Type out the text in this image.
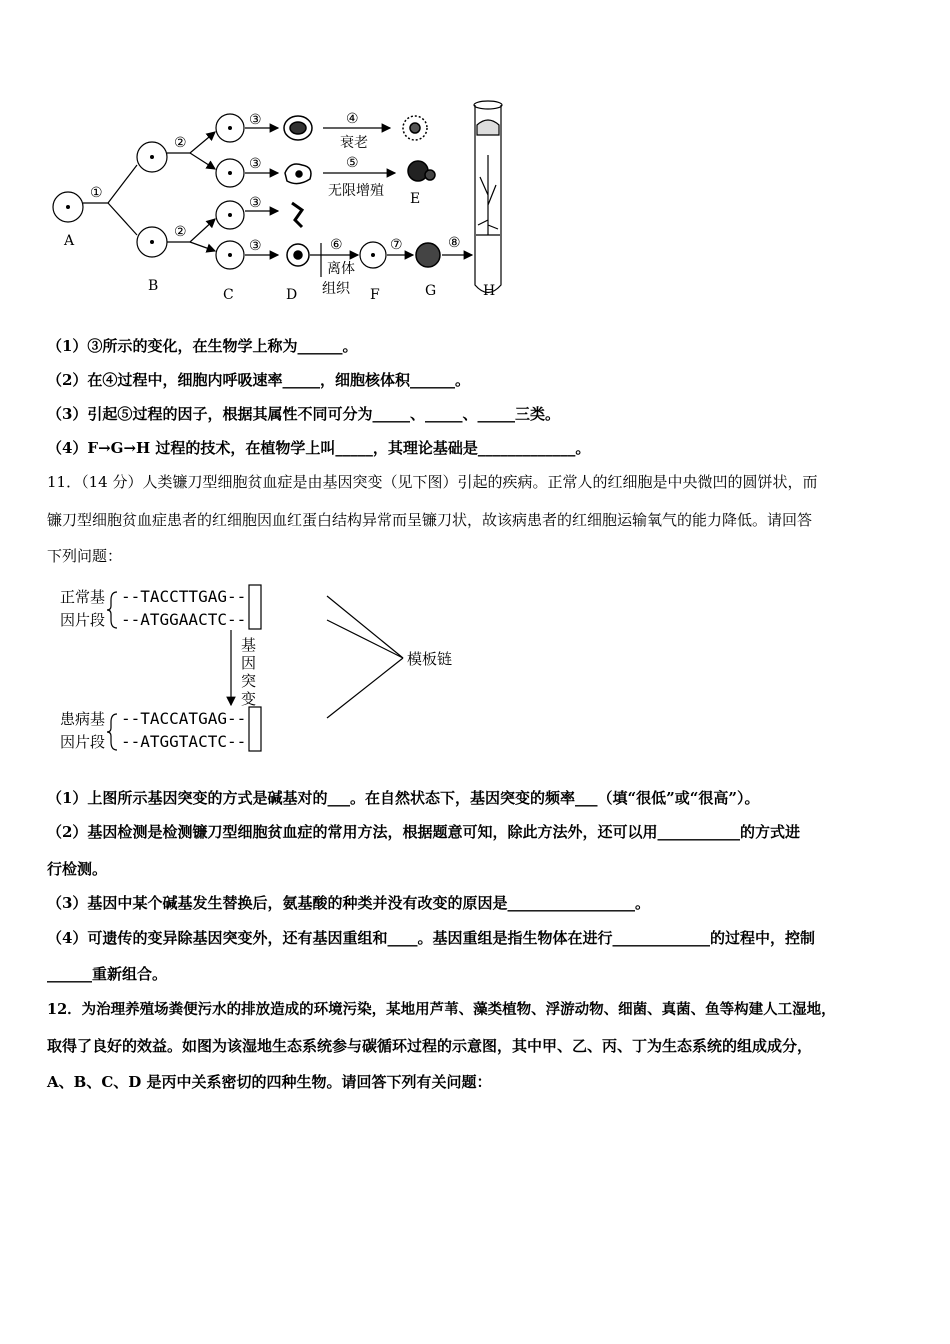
①
②
②
③
③
③
③
④
⑤
⑥	⑦	⑧
衰老
无限增殖
离体
组织
A
B
C	D	F	G	H
E
（1）③所示的变化，在生物学上称为______。
（2）在④过程中，细胞内呼吸速率_____，细胞核体积______。
（3）引起⑤过程的因子，根据其属性不同可分为_____、_____、_____三类。
（4）F→G→H 过程的技术，在植物学上叫_____，其理论基础是_____________。
11．（14 分）人类镰刀型细胞贫血症是由基因突变（见下图）引起的疾病。正常人的红细胞是中央微凹的圆饼状，而
镰刀型细胞贫血症患者的红细胞因血红蛋白结构异常而呈镰刀状，故该病患者的红细胞运输氧气的能力降低。请回答
下列问题：
正常基
因片段
患病基
因片段
--TACCTTGAG--
--ATGGAACTC--
--TACCATGAG--
--ATGGTACTC--
基
因
突
变
模板链
（1）上图所示基因突变的方式是碱基对的___。在自然状态下，基因突变的频率___（填“很低”或“很高”）。
（2）基因检测是检测镰刀型细胞贫血症的常用方法，根据题意可知，除此方法外，还可以用___________的方式进
行检测。
（3）基因中某个碱基发生替换后，氨基酸的种类并没有改变的原因是_________________。
（4）可遗传的变异除基因突变外，还有基因重组和____。基因重组是指生物体在进行_____________的过程中，控制
______重新组合。
12．为治理养殖场粪便污水的排放造成的环境污染，某地用芦苇、藻类植物、浮游动物、细菌、真菌、鱼等构建人工湿地，
取得了良好的效益。如图为该湿地生态系统参与碳循环过程的示意图，其中甲、乙、丙、丁为生态系统的组成成分，
A、B、C、D 是丙中关系密切的四种生物。请回答下列有关问题：
